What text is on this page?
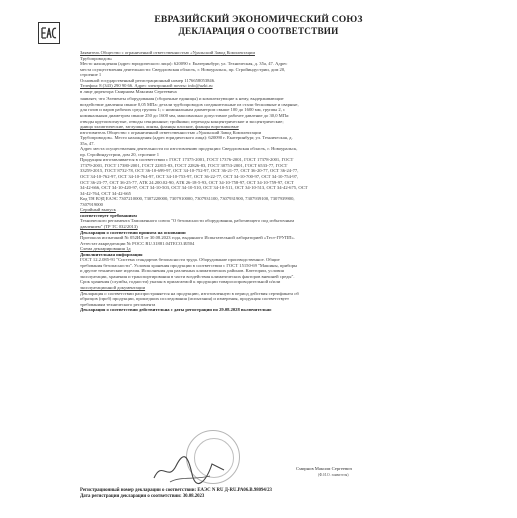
ЕВРАЗИЙСКИЙ ЭКОНОМИЧЕСКИЙ СОЮЗ
ДЕКЛАРАЦИЯ О СООТВЕТСТВИИ

Заявитель Общество с ограниченной ответственностью «Уральский Завод Комплектации

Трубопроводов»

Место нахождения (адрес юридического лица): 620090 г. Екатеринбург, ул. Техническая, д. 35а, 47. Адрес

места осуществления деятельности: Свердловская область, г. Новоуральск, пр. Стройиндустрии, дом 20,

строение 1

Основной государственный регистрационный номер 1176658053846.

Телефон: 8 (343) 290 90 66. Адрес электронной почты: info@uzkt.ru

в лице директора Смирнова Максима Сергеевича

заявляет, что Элементы оборудования (сборочные единицы) и комплектующие к нему, выдерживающие

воздействие давления свыше 0,05 МПа: детали трубопроводов соединительные из стали бесшовные и сварные,

для газов и паров рабочих сред группы 1; с номинальным диаметром свыше 100 до 1600 мм, группы 2, с

номинальным диаметром свыше 250 до 1600 мм, максимально допустимое рабочее давление до 30,0 МПа:

отводы крутоизогнутые, отводы секционные; тройники; переходы концентрические и эксцентрические;

днища эллиптические, заглушки, линзы, фланцы плоские, фланцы воротниковые

изготовитель Общество с ограниченной ответственностью «Уральский Завод Комплектации

Трубопроводов». Место нахождения (адрес юридического лица): 620090 г. Екатеринбург, ул. Техническая, д.

35а, 47.

Адрес места осуществления деятельности по изготовлению продукции: Свердловская область, г. Новоуральск,

пр. Стройиндустрии, дом 20, строение 1

Продукция изготавливается в соответствии с ГОСТ 17375-2001, ГОСТ 17376-2001, ГОСТ 17378-2001, ГОСТ

17379-2001, ГОСТ 17380-2001, ГОСТ 22815-83, ГОСТ 22826-83, ГОСТ 30753-2001, ГОСТ 6533-77, ГОСТ

33259-2015, ГОСТ 8732-78, ОСТ 36-10-699-97, ОСТ 34-10-752-97, ОСТ 36-21-77, ОСТ 36-20-77, ОСТ 36-24-77,

ОСТ 34-10-762-97, ОСТ 34-10-764-97, ОСТ 34-10-753-97, ОСТ 36-22-77, ОСТ 34-10-700-97, ОСТ 34-10-754-97,

ОСТ 36-23-77, ОСТ 36-25-77, АТК 24.200.02-90, АТК 26-18-5-93, ОСТ 34-10-758-97, ОСТ 34-10-759-97, ОСТ

34-42-666, ОСТ 34-10-420-97, ОСТ 34-10-503, ОСТ 34-10-510, ОСТ 34-10-511, ОСТ 34-10-513, ОСТ 34-42-675, ОСТ

34-42-764, ОСТ 34-42-665

Код ТН ВЭД ЕАЭС 7307210000, 7307220000, 7307910000, 7307931100, 7307931900, 7307939100, 7307939900,

7307919000

Серийный выпуск

соответствует требованиям

Технического регламента Таможенного союза "О безопасности оборудования, работающего под избыточным

давлением" (ТР ТС 032/2013)

Декларация о соответствии принята на основании

Протокола испытаний № 052ИЛ от 30.08.2023 года, выданного Испытательной лабораторией «Тест-ГРУПП».

Аттестат аккредитации № РОСС RU.31881.04ТЕСО.ИЛ04

Схема декларирования 1д

Дополнительная информация

ГОСТ 12.2.085-91 "Система стандартов безопасности труда. Оборудование производственное. Общие

требования безопасности". Условия хранения продукции в соответствии с ГОСТ 15150-69 "Машины, приборы

и другие технические изделия. Исполнения для различных климатических районов. Категории, условия

эксплуатации, хранения и транспортирования в части воздействия климатических факторов внешней среды".

Срок хранения (службы, годности) указан в прилагаемой к продукции товаросопроводительной и/или

эксплуатационной документации

Декларация о соответствии распространяется на продукцию, изготовленную в период действия сертификата об

образцов (проб) продукции, прошедших исследования (испытания) и измерения, продукция соответствует

требованиям технического регламента

Декларация о соответствии действительна с даты регистрации по 29.08.2028 включительно

Смирнов Максим Сергеевич
(Ф.И.О. заявителя)

Регистрационный номер декларации о соответствии: ЕАЭС N RU Д-RU.РА06.В.98094/23

Дата регистрации декларации о соответствии: 30.08.2023
